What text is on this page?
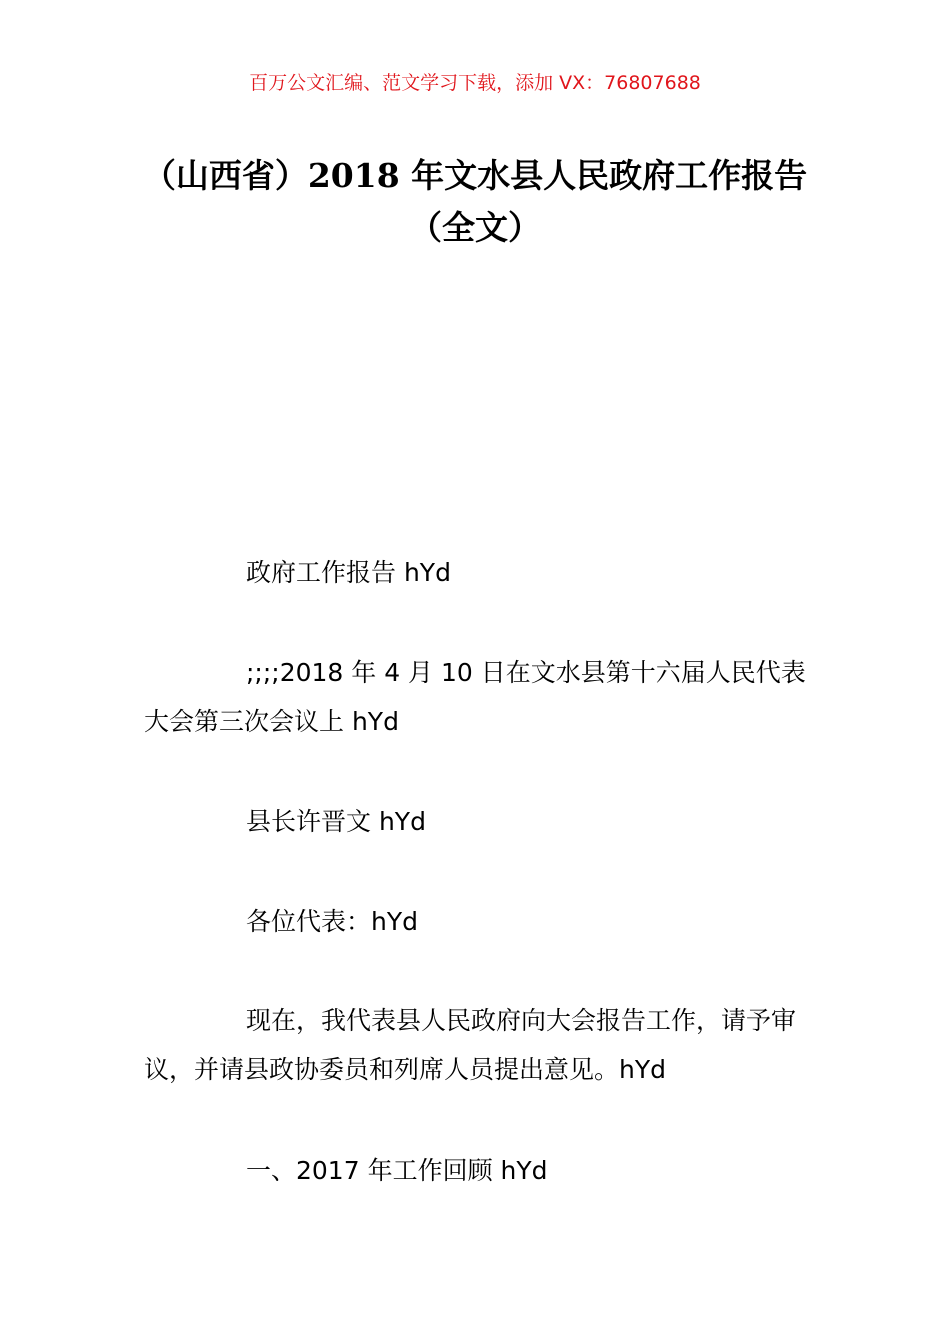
百万公文汇编、范文学习下载，添加 VX：76807688
（山西省）2018 年文水县人民政府工作报告（全文）
政府工作报告 hYd
;;;;2018 年 4 月 10 日在文水县第十六届人民代表大会第三次会议上 hYd
县长许晋文 hYd
各位代表：hYd
现在，我代表县人民政府向大会报告工作，请予审议，并请县政协委员和列席人员提出意见。hYd
一、2017 年工作回顾 hYd
